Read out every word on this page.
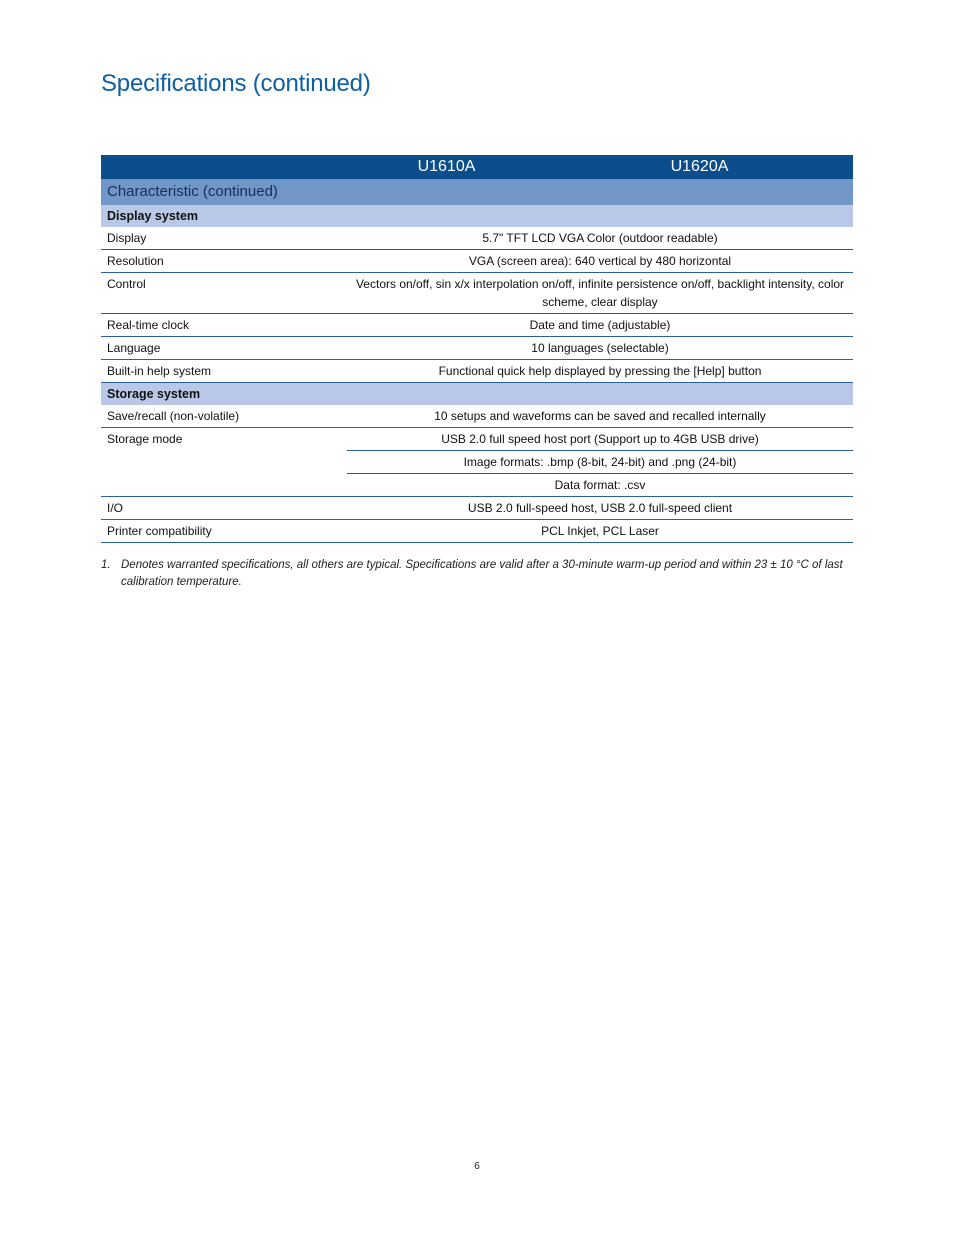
Specifications (continued)
	U1610A	U1620A
Characteristic (continued)		
Display system		
Display	5.7" TFT LCD VGA Color (outdoor readable)	
Resolution	VGA (screen area): 640 vertical by 480 horizontal	
Control	Vectors on/off, sin x/x interpolation on/off, infinite persistence on/off, backlight intensity, color scheme, clear display	
Real-time clock	Date and time (adjustable)	
Language	10 languages (selectable)	
Built-in help system	Functional quick help displayed by pressing the [Help] button	
Storage system		
Save/recall (non-volatile)	10 setups and waveforms can be saved and recalled internally	
Storage mode	USB 2.0 full speed host port (Support up to 4GB USB drive)	
	Image formats: .bmp (8-bit, 24-bit) and .png (24-bit)	
	Data format: .csv	
I/O	USB 2.0 full-speed host, USB 2.0 full-speed client	
Printer compatibility	PCL Inkjet, PCL Laser	
1. Denotes warranted specifications, all others are typical. Specifications are valid after a 30-minute warm-up period and within 23 ± 10 °C of last calibration temperature.
6
